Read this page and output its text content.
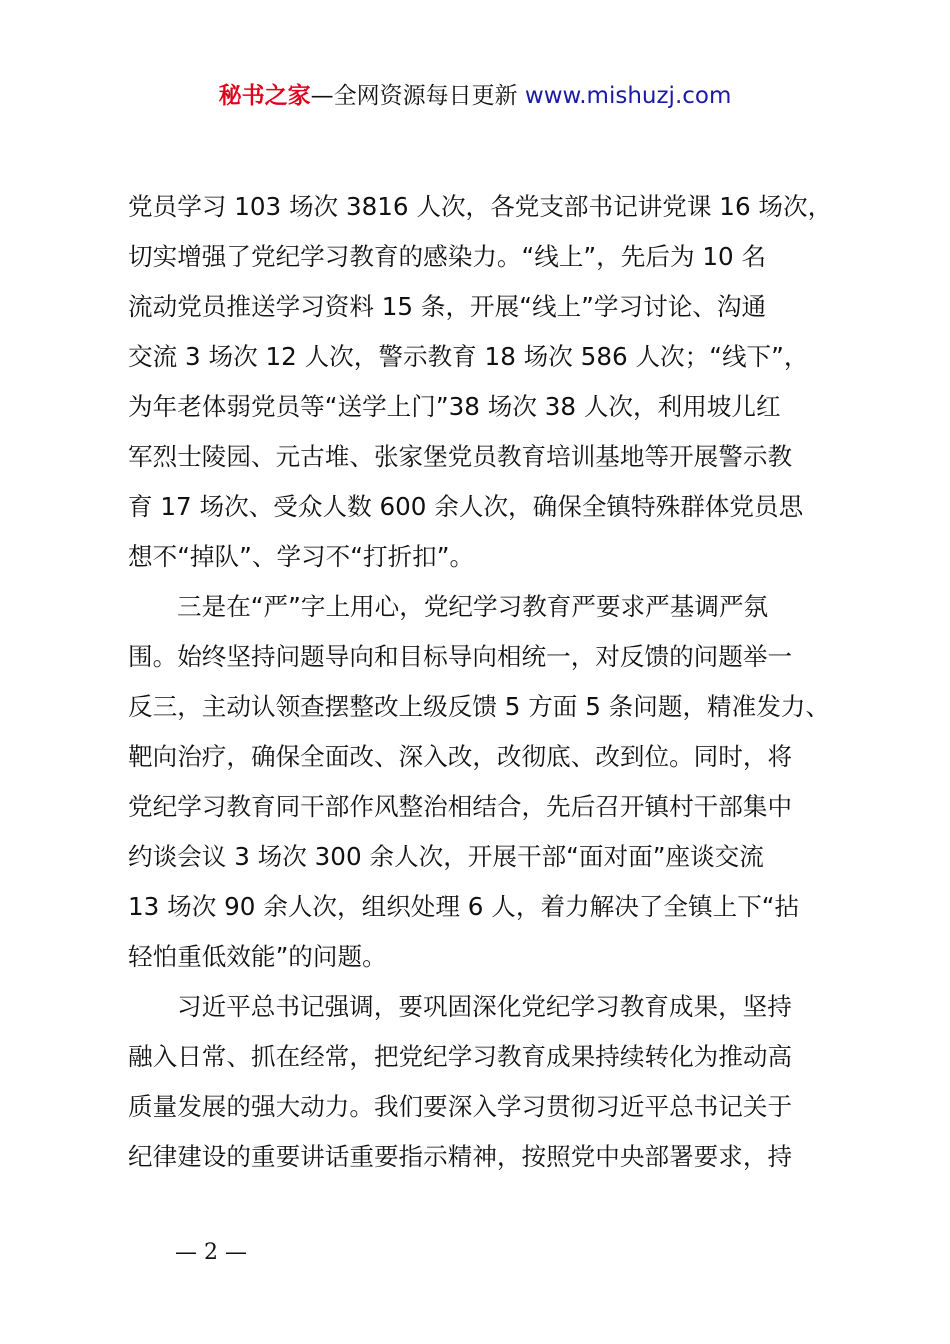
秘书之家—全网资源每日更新 www.mishuzj.com
党员学习 103 场次 3816 人次，各党支部书记讲党课 16 场次，
切实增强了党纪学习教育的感染力。“线上”，先后为 10 名
流动党员推送学习资料 15 条，开展“线上”学习讨论、沟通
交流 3 场次 12 人次，警示教育 18 场次 586 人次；“线下”，
为年老体弱党员等“送学上门”38 场次 38 人次，利用坡儿红
军烈士陵园、元古堆、张家堡党员教育培训基地等开展警示教
育 17 场次、受众人数 600 余人次，确保全镇特殊群体党员思
想不“掉队”、学习不“打折扣”。
三是在“严”字上用心，党纪学习教育严要求严基调严氛
围。始终坚持问题导向和目标导向相统一，对反馈的问题举一
反三，主动认领查摆整改上级反馈 5 方面 5 条问题，精准发力、
靶向治疗，确保全面改、深入改，改彻底、改到位。同时，将
党纪学习教育同干部作风整治相结合，先后召开镇村干部集中
约谈会议 3 场次 300 余人次，开展干部“面对面”座谈交流
13 场次 90 余人次，组织处理 6 人，着力解决了全镇上下“拈
轻怕重低效能”的问题。
习近平总书记强调，要巩固深化党纪学习教育成果，坚持
融入日常、抓在经常，把党纪学习教育成果持续转化为推动高
质量发展的强大动力。我们要深入学习贯彻习近平总书记关于
纪律建设的重要讲话重要指示精神，按照党中央部署要求，持
— 2 —
